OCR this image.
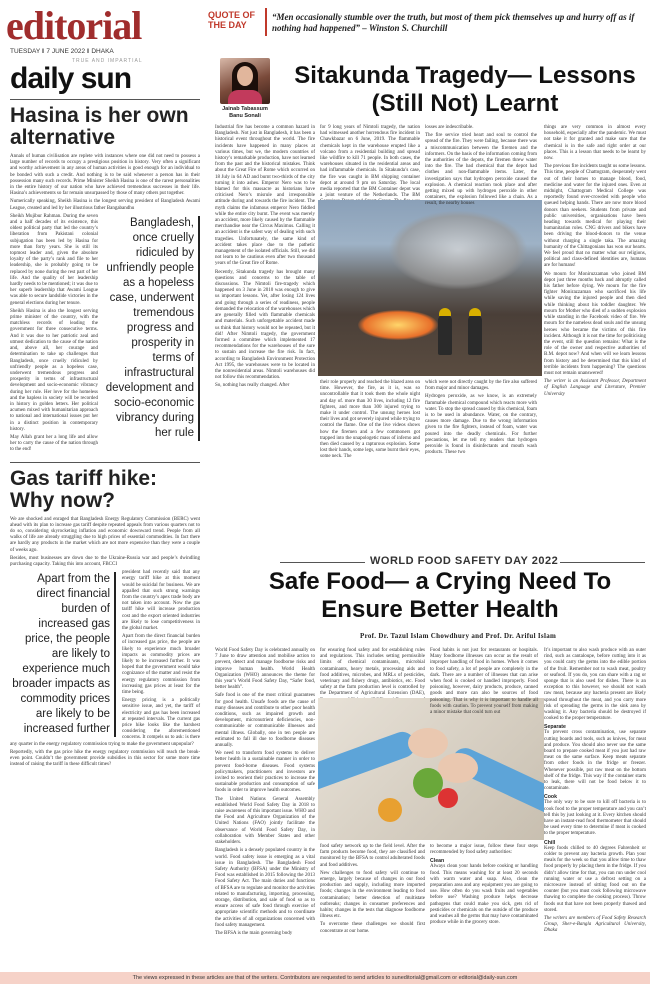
editorial	QUOTE OF
THE DAY
“Men occasionally stumble over the truth, but most of them pick themselves up and hurry off as if nothing had happened” – Winston S. Churchill
TUESDAY ‖ 7 JUNE 2022 ‖ DHAKA
TRUE AND IMPARTIAL
daily sun
Hasina is her own alternative

Annals of human civilisation are replete with instances where one did not need to possess a large number of records to occupy a prestigious position in history. Very often a significant and worthy achievement in any areas of human activities is good enough for an individual to be bonded with such a credit. And nothing is to be said whenever a person has in their possession many such records. Prime Minister Sheikh Hasina is one of the rarest personalities in the entire history of our nation who have achieved tremendous successes in their life. Hasina’s achievements so far remain unsurpassed by those of many others put together.

Numerically speaking, Sheikh Hasina is the longest serving president of Bangladesh Awami League, created and led by her illustrious father Bangabandhu

Bangladesh, once cruelly ridiculed by unfriendly people as a hopeless case, underwent tremendous progress and prosperity in terms of infrastructural development and socio-economic vibrancy during her rule

Sheikh Mujibur Rahman. During the seven and a half decades of its existence, this oldest political party that led the country’s liberation from Pakistani colonial subjugation has been led by Hasina for more than forty years. She is still its topmost leader and, given the absolute loyalty of the party’s rank and file to her leadership, she is probably going to be replaced by none during the rest part of her life. And the quality of her leadership hardly needs to be mentioned; it was due to her superb leadership that Awami League was able to secure landslide victories in the general elections during her tenure.

Sheikh Hasina is also the longest serving prime minister of the country, with the matchless records of leading the government for three consecutive terms. And it was due to her patriotic zeal and utmost dedication to the cause of the nation and, above all, her courage and determination to take up challenges that Bangladesh, once cruelly ridiculed by unfriendly people as a hopeless case, underwent tremendous progress and prosperity in terms of infrastructural development and socio-economic vibrancy during her rule. Her love for the homeless and the hapless in society will be recorded in history in golden letters. Her political acumen mixed with humanitarian approach to national and international issues put her in a distinct position in contemporary history.

May Allah grant her a long life and allow her to carry the cause of the nation through to the end!

Gas tariff hike: Why now?

We are shocked and enraged that Bangladesh Energy Regulatory Commission (BERC) went ahead with its plan to increase gas tariff despite repeated appeals from various quarters not to do so, considering skyrocketing inflation and economic downward trend. People from all walks of life are already struggling due to high prices of essential commodities. In fact there are hardly any products in the market which are not more expensive than they were a couple of weeks ago.

Besides, most businesses are down due to the Ukraine-Russia war and people’s dwindling purchasing capacity. Taking this into account, FBCCI

Apart from the direct financial burden of increased gas price, the people are likely to experience much broader impacts as commodity prices are likely to be increased further

president had recently said that any energy tariff hike at this moment would be suicidal for business. We are appalled that such strong warnings from the country’s apex trade body are not taken into account. Now the gas tariff hike will increase production cost and the export oriented industries are likely to lose competitiveness in the global market.

Apart from the direct financial burden of increased gas price, the people are likely to experience much broader impacts as commodity prices are likely to be increased further. It was hoped that the government would take cognizance of the matter and resist the energy regulatory commission from increasing gas prices at least for the time being.

Energy pricing is a politically sensitive issue, and yet, the tariff of electricity and gas has been increased at repeated intervals. The current gas price hike looks like the harshest considering the aforementioned concerns. It compels us to ask: is there any quarter in the energy regulatory commission trying to make the government unpopular?

Reportedly, with the gas price hike the energy regulatory commission will reach the break-even point. Couldn’t the government provide subsidies in this sector for some more time instead of raising the tariff in these difficult times?

Jainab Tabassum Banu Sonali
Sitakunda Tragedy— Lessons (Still Not) Learnt

Industrial fire has become a common hazard in Bangladesh. Not just in Bangladesh, it has been a historical event throughout the world. The fire incidents have happened in many places at various times, but we, the modern countries of history’s remarkable production, have not learned from the past and the historical mistakes. Think about the Great Fire of Rome which occurred on 18 July in 64 AD and burnt two-thirds of the city turning it into ashes. Emperor Nero was to be blamed for this massacre as historians have criticised Nero’s misrule and irresponsible attitude during and towards the fire incident. The myth claims the infamous emperor Nero fiddled while the entire city burnt. The event was merely an accident, more likely caused by the flammable merchandise near the Circus Maximus. Calling it an accident is the safest way of dealing with such tragedies. Unfortunately, the same kind of accident takes place due to the pathetic management of the isolated officials. Still, we did not learn to be cautious even after two thousand years of the Great fire of Rome.

Recently, Sitakunda tragedy has brought many questions and concerns to the table of discussions. The Nimtoli fire-tragedy which happened on 3 June in 2010 was enough to give us important lessons. Yet, after losing 124 lives and going through a series of readiness, people demanded the relocation of the warehouses which are generally filled with flammable chemicals and materials. Such unforgettable accident made us think that history would not be repeated, but it did! After Nimtoli tragedy, the government formed a committee which implemented 17 recommendations for the warehouses of the sure to sustain and increase the fire risk. In fact, according to Bangladesh Environment Protection Act 1995, the warehouses were to be located in the nonresidential areas. Nimtoli warehouses did not follow this recommendation.

So, nothing has really changed. After

for 9 long years of Nimtoli tragedy, the nation had witnessed another horrendous fire incident in Chawkbazar on 6 June, 2019. The flammable chemicals kept in the warehouse erupted like a volcano from a residential building and spread like wildfire to kill 71 people. In both cases, the warehouses situated in the residential areas and had inflammable chemicals. In Sitakunda’s case, the fire was caught in BM shipping container depot at around 9 pm on Saturday. The local media reported that the BM Container depot was a joint venture of the Netherlands. The BM

their role properly and reached the blazed area on time. However, the fire, as it is, was so uncontrollable that it took them the whole night and day of. more than 30 lives, including 12 fire fighters, and more than 300 injured trying to make it under control. The unsung heroes lost their lives and got severely injured while trying to control the flame. One of the live videos shows how the firemen and a few commoners got trapped into the unapologetic mass of inferno and then died caused by a rapturous explosion. Some lost their hands, some legs, some burnt their eyes, some neck. The

losses are indescribable.

The fire service tried heart and soul to control the spread of the fire. They were failing, because there was a miscommunication between the firemen and the informers. On the basis of the information coming from the authorities of the depots, the firemen threw water into the fire. The bad chemical that the depot had clothes and non-flammable items. Later, the investigation says that hydrogen peroxide caused the explosion. A chemical reaction took place and after getting mixed up with hydrogen peroxide in other containers, the explosion followed like a chain. As a result, the nearby houses

which were not directly caught by the fire also suffered from major and minor damages.

Hydrogen peroxide, as we know, is an extremely flammable chemical compound which reacts more with water. To stop the spread caused by this chemical, foam is to be used in abundance. Water, on the contrary, causes more damage. Due to the wrong information given to the fire fighters, instead of foam, water was poured into the deadly chemicals. For further precautions, let me tell my readers that hydrogen peroxide is found in disinfectants and mouth wash products. These two

things are very common in almost every household, especially after the pandemic. We must not take it for granted and make sure that the chemical is in the safe and right order at our places. This is a lesson that needs to be learnt by now.

The previous fire incidents taught us some lessons. This time, people of Chattogram, desperately went out of their homes to manage blood, food, medicine and water for the injured ones. Even at midnight, Chattogram Medical College was reportedly found over-crowded with people who queued helping hands. There are now more blood donors than seekers. Students from private and public universities, organisations have been heading towards medical for playing their humanitarian roles. CNG drivers and bikers have been driving the blood-donors to the venue without charging a single taka. The amazing humanity of the Chittagonians has won our hearts. We feel proud that no matter what our religions, political and class-defined identities are, humans are for humans!

We mourn for Moniruzzaman who joined BM depot just three months back and abruptly called his father before dying. We mourn for the fire fighter Monirazzaman who sacrificed his life while saving the injured people and then died while thinking about his toddler daughter. We mourn for Mother who died of a sudden explosion while standing in the Facebook video of fire. We mourn for the nameless dead souls and the unsung heroes who became the victims of this fire incident. Although it is not the time for politicising the event, still the question remains: What is the role of the owner and respective authorities of B.M. depot now? And when will we learn lessons from history and be determined that this kind of terrible incidents from happening? The questions must not remain unanswered!

The writer is an Assistant Professor, Department of English Language and Literature, Premier University

WORLD FOOD SAFETY DAY 2022
Safe Food— a Crying Need To Ensure Better Health
Prof. Dr. Tazul Islam Chowdhury and Prof. Dr. Ariful Islam

World Food Safety Day is celebrated annually on 7 June to draw attention and mobilise action to prevent, detect and manage foodborne risks and improve human health. World Health Organization (WHO) announces the theme for this year’s World Food Safety Day, “Safer food, better health”.

Safe food is one of the most critical guarantees for good health. Unsafe foods are the cause of many diseases and contribute to other poor health conditions, such as impaired growth and development, micronutrient deficiencies, non-communicable or communicable illnesses and mental illness. Globally, one in ten people are estimated to fall ill due to foodborne diseases annually.

We need to transform food systems to deliver better health in a sustainable manner in order to prevent food-borne diseases. Food systems policymakers, practitioners and investors are invited to reorient their practices to increase the sustainable production and consumption of safe foods in order to improve health outcomes.

The United Nations General Assembly established World Food Safety Day in 2018 to raise awareness of this important issue. WHO and the Food and Agriculture Organization of the United Nations (FAO) jointly facilitate the observance of World Food Safety Day, in collaboration with Member States and other stakeholders.

Bangladesh is a densely populated country in the world. Food safety issue is emerging as a vital issue in Bangladesh. The Bangladesh Food Safety Authority (BFSA) under the Ministry of Food was established in 2015 following the 2013 Food Safety Act. The main duties and functions of BFSA are to regulate and monitor the activities related to manufacturing, importing, processing, storage, distribution, and sale of food so as to ensure access of safe food through exercise of appropriate scientific methods and to coordinate the activities of all organizations concerned with food safety management.

The BFSA is the main governing body

for ensuring food safety and for establishing rules and regulations. This includes setting permissible limits of chemical contaminants, microbial contaminants, heavy metals, processing aids and food additives, microbes, and MRLs of pesticides, veterinary and fishery drugs, antibiotics, etc. Food safety at the farm production level is controlled by the Department of Agricultural Extension (DAE),

food safety network up to the field level. After the farm products become food, they are classified and monitored by the BFSA to control adulterated foods and food additives.

New challenges to food safety will continue to emerge, largely because of changes in our food production and supply, including more imported foods; changes in the environment leading to food contamination; better detection of multistate outbreaks; changes in consumer preferences and habits; changes in the tests that diagnose foodborne illness etc.

To overcome these challenges we should first concentrate at our home.

Food habits is not just for restaurants or hospitals. Many foodborne illnesses can occur as the result of improper handling of food in homes. When it comes to food safety, a lot of people are completely in the dark. There are a number of illnesses that can arise when food is cooked or handled improperly. Food poisoning, however, dairy products, produce, canned goods and more can also be sources of food poisoning. That is why it is important to handle all foods with caution. To prevent yourself from making a minor mistake that could turn out

to become a major issue, follow these four steps recommended by food safety authorities:

Clean

Always clean your hands before cooking or handling food. This means washing for at least 20 seconds with warm water and soap. Also, clean the preparation area and any equipment you are going to use. How often do you wash fruits and vegetables before use? Washing produce helps decrease pathogens that could make you sick, gets rid of pesticides or chemicals on the outside of the produce and washes all the germs that may have contaminated produce while in the grocery store.

It’s important to also wash produce with an outer rind, such as cantaloupe, before cutting into it as you could carry the germs into the edible portion of the fruit. Remember not to wash meat, poultry or seafood. If you do, you can share with a rag or sponge that is also used for dishes. There is an exception to this however, we should not wash raw meat, because any bacteria present are likely spread throughout the meat, and you carry more risk of spreading the germs in the sink area by washing it. Any bacteria should be destroyed if cooked to the proper temperature.

Separate

To prevent cross contamination, use separate cutting boards and tools, such as knives, for meat and produce. You should also never use the same board to prepare cooked meat if you just had raw meat on the same surface. Keep meats separate from other foods in the fridge or freezer. Whenever possible, put raw meat on the bottom shelf of the fridge. This way if the container starts to leak, there will not be food below it to contaminate.

Cook

The only way to be sure to kill off bacteria is to cook food to the proper temperature and you can’t tell this by just looking at it. Every kitchen should have an instant-read food thermometer that should be used every time to determine if meat is cooked to the proper temperature.

Chill

Keep foods chilled to 40 degrees Fahrenheit or colder to prevent any bacteria growth. Plan your meals for the week so that you allow time to thaw food properly by placing them in the fridge. If you didn’t allow time for that, you can run under cool running water or use a defrost setting on a microwave instead of sitting food out on the counter (but you must cook following microwave thawing to complete the cooking process). Throw foods out that have not been properly thawed and stored.

The writers are members of Food Safety Research Group, Sher-e-Bangla Agricultural University, Dhaka

The views expressed in these articles are that of the writers. Contributors are requested to send articles to suneditorial@gmail.com or editorial@daily-sun.com
